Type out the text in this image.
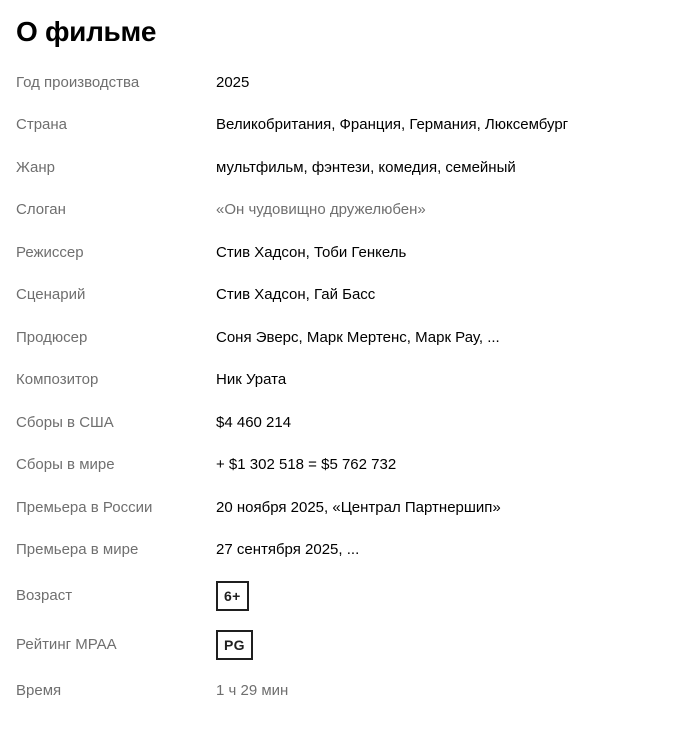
О фильме
Год производства	2025
Страна	Великобритания, Франция, Германия, Люксембург
Жанр	мультфильм, фэнтези, комедия, семейный
Слоган	«Он чудовищно дружелюбен»
Режиссер	Стив Хадсон, Тоби Генкель
Сценарий	Стив Хадсон, Гай Басс
Продюсер	Соня Эверс, Марк Мертенс, Марк Рау, ...
Композитор	Ник Урата
Сборы в США	$4 460 214
Сборы в мире	+ $1 302 518 = $5 762 732
Премьера в России	20 ноября 2025, «Централ Партнершип»
Премьера в мире	27 сентября 2025, ...
Возраст	6+
Рейтинг MPAA	PG
Время	1 ч 29 мин
